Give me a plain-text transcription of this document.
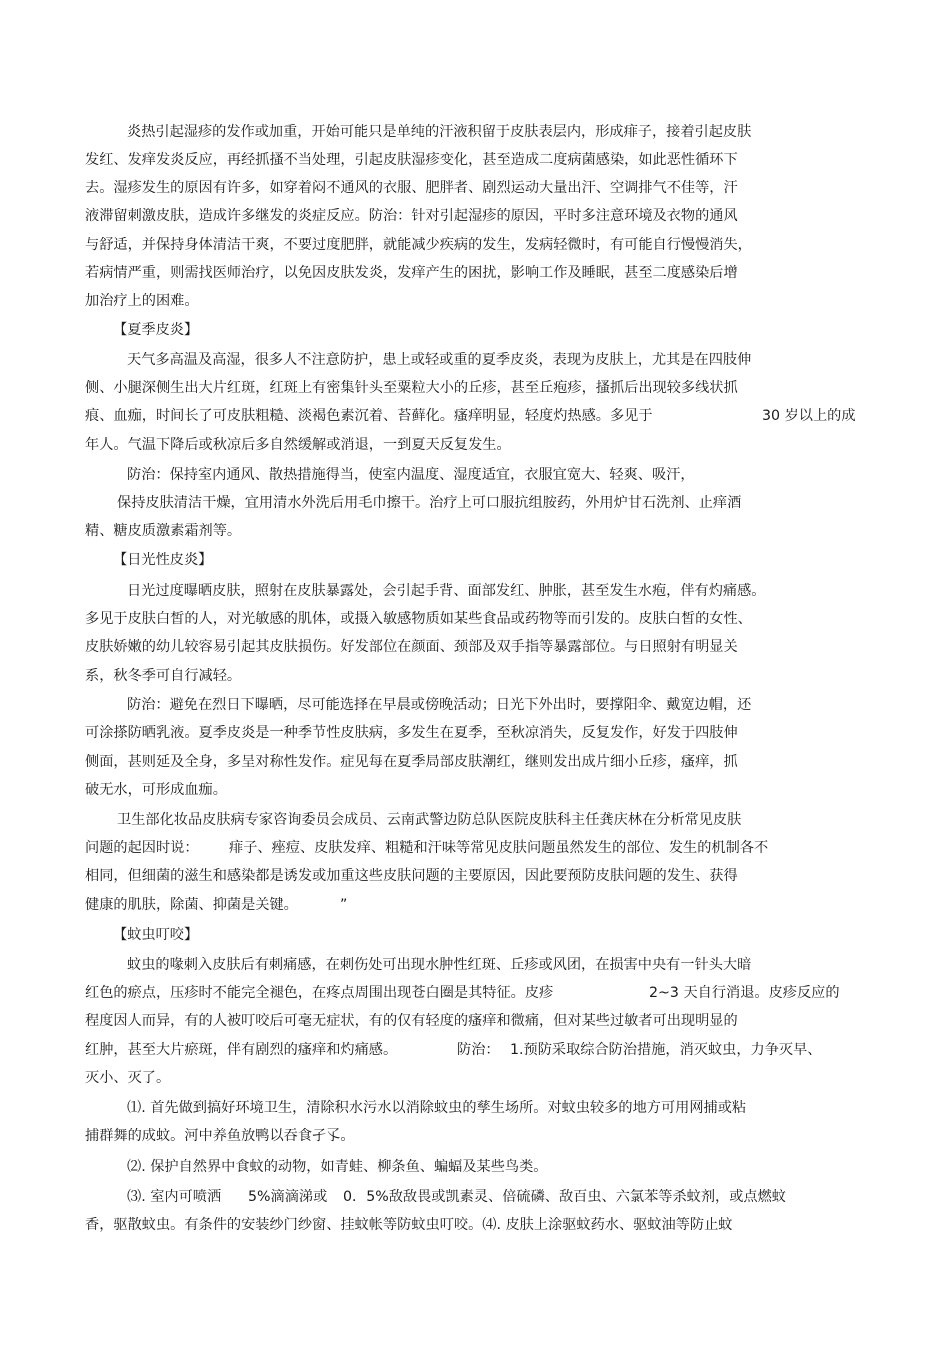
炎热引起湿疹的发作或加重，开始可能只是单纯的汗液积留于皮肤表层内，形成痱子，接着引起皮肤
发红、发痒发炎反应，再经抓搔不当处理，引起皮肤湿疹变化，甚至造成二度病菌感染，如此恶性循环下
去。湿疹发生的原因有许多，如穿着闷不通风的衣服、肥胖者、剧烈运动大量出汗、空调排气不佳等，汗
液滞留刺激皮肤，造成许多继发的炎症反应。防治：针对引起湿疹的原因，平时多注意环境及衣物的通风
与舒适，并保持身体清洁干爽，不要过度肥胖，就能减少疾病的发生，发病轻微时，有可能自行慢慢消失，
若病情严重，则需找医师治疗，以免因皮肤发炎，发痒产生的困扰，影响工作及睡眠，甚至二度感染后增
加治疗上的困难。
【夏季皮炎】
天气多高温及高湿，很多人不注意防护，患上或轻或重的夏季皮炎，表现为皮肤上，尤其是在四肢伸
侧、小腿深侧生出大片红斑，红斑上有密集针头至粟粒大小的丘疹，甚至丘疱疹，搔抓后出现较多线状抓
痕、血痂，时间长了可皮肤粗糙、淡褐色素沉着、苔藓化。瘙痒明显，轻度灼热感。多见于	30 岁以上的成
年人。气温下降后或秋凉后多自然缓解或消退，一到夏天反复发生。
防治：保持室内通风、散热措施得当，使室内温度、湿度适宜，衣服宜宽大、轻爽、吸汗，
保持皮肤清洁干燥，宜用清水外洗后用毛巾擦干。治疗上可口服抗组胺药，外用炉甘石洗剂、止痒酒
精、糖皮质激素霜剂等。
【日光性皮炎】
日光过度曝晒皮肤，照射在皮肤暴露处，会引起手背、面部发红、肿胀，甚至发生水疱，伴有灼痛感。
多见于皮肤白皙的人，对光敏感的肌体，或摄入敏感物质如某些食品或药物等而引发的。皮肤白皙的女性、
皮肤娇嫩的幼儿较容易引起其皮肤损伤。好发部位在颜面、颈部及双手指等暴露部位。与日照射有明显关
系，秋冬季可自行减轻。
防治：避免在烈日下曝晒，尽可能选择在早晨或傍晚活动；日光下外出时，要撑阳伞、戴宽边帽，还
可涂搽防晒乳液。夏季皮炎是一种季节性皮肤病，多发生在夏季，至秋凉消失，反复发作，好发于四肢伸
侧面，甚则延及全身，多呈对称性发作。症见每在夏季局部皮肤潮红，继则发出成片细小丘疹，瘙痒，抓
破无水，可形成血痂。
卫生部化妆品皮肤病专家咨询委员会成员、云南武警边防总队医院皮肤科主任龚庆林在分析常见皮肤
问题的起因时说： 痱子、痤痘、皮肤发痒、粗糙和汗味等常见皮肤问题虽然发生的部位、发生的机制各不
相同，但细菌的滋生和感染都是诱发或加重这些皮肤问题的主要原因，因此要预防皮肤问题的发生、获得
健康的肌肤，除菌、抑菌是关键。	”
【蚊虫叮咬】
蚊虫的喙刺入皮肤后有刺痛感，在刺伤处可出现水肿性红斑、丘疹或风团，在损害中央有一针头大暗
红色的瘀点，压疹时不能完全褪色，在疼点周围出现苍白圈是其特征。皮疹	2~3 天自行消退。皮疹反应的
程度因人而异，有的人被叮咬后可毫无症状，有的仅有轻度的瘙痒和微痛，但对某些过敏者可出现明显的
红肿，甚至大片瘀斑，伴有剧烈的瘙痒和灼痛感。	防治： 1.预防采取综合防治措施，消灭蚊虫，力争灭早、
灭小、灭了。
⑴. 首先做到搞好环境卫生，清除积水污水以消除蚊虫的孳生场所。对蚊虫较多的地方可用网捕或粘
捕群舞的成蚊。河中养鱼放鸭以吞食孑孓。
⑵. 保护自然界中食蚊的动物，如青蛙、柳条鱼、蝙蝠及某些鸟类。
⑶. 室内可喷洒 5%滴滴涕或 0．5%敌敌畏或凯素灵、倍硫磷、敌百虫、六氯苯等杀蚊剂，或点燃蚊
香，驱散蚊虫。有条件的安装纱门纱窗、挂蚊帐等防蚊虫叮咬。⑷. 皮肤上涂驱蚊药水、驱蚊油等防止蚊
